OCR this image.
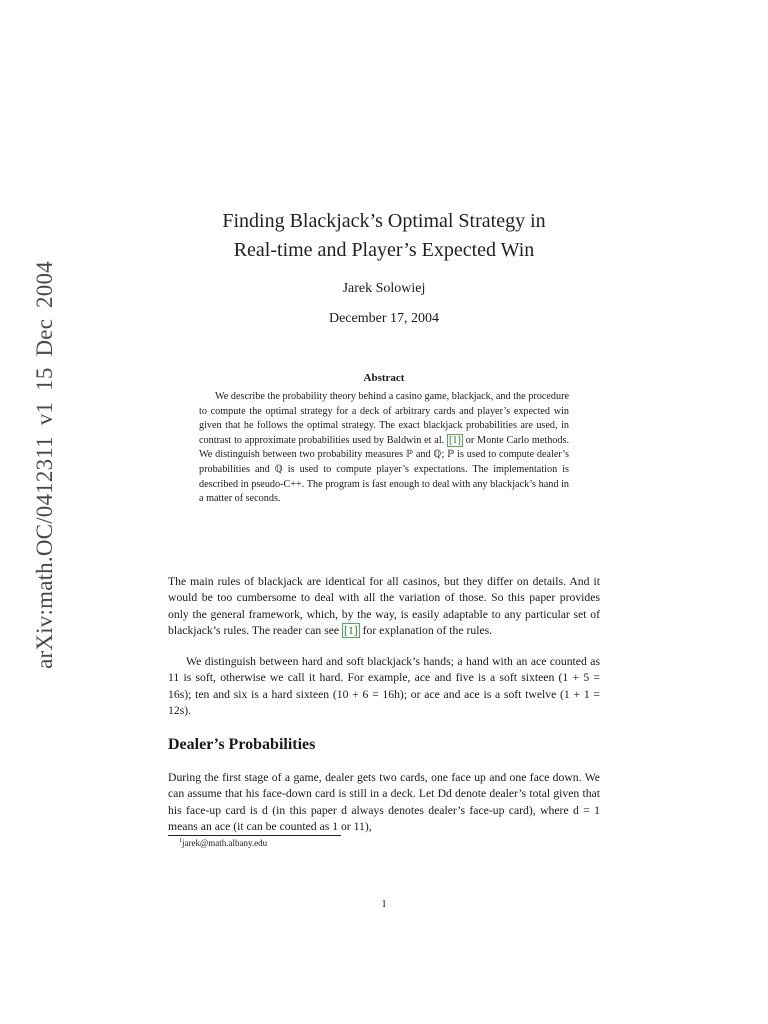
arXiv:math.OC/0412311 v1 15 Dec 2004
Finding Blackjack’s Optimal Strategy in
Real-time and Player’s Expected Win
Jarek Solowiej
December 17, 2004
Abstract

We describe the probability theory behind a casino game, blackjack, and the procedure to compute the optimal strategy for a deck of arbitrary cards and player’s expected win given that he follows the optimal strategy. The exact blackjack probabilities are used, in contrast to approximate probabilities used by Baldwin et al. [1] or Monte Carlo methods. We distinguish between two probability measures ℙ and ℚ; ℙ is used to compute dealer’s probabilities and ℚ is used to compute player’s expectations. The implementation is described in pseudo-C++. The program is fast enough to deal with any blackjack’s hand in a matter of seconds.

The main rules of blackjack are identical for all casinos, but they differ on details. And it would be too cumbersome to deal with all the variation of those. So this paper provides only the general framework, which, by the way, is easily adaptable to any particular set of blackjack’s rules. The reader can see [1] for explanation of the rules.

We distinguish between hard and soft blackjack’s hands; a hand with an ace counted as 11 is soft, otherwise we call it hard. For example, ace and five is a soft sixteen (1 + 5 = 16s); ten and six is a hard sixteen (10 + 6 = 16h); or ace and ace is a soft twelve (1 + 1 = 12s).

Dealer’s Probabilities

During the first stage of a game, dealer gets two cards, one face up and one face down. We can assume that his face-down card is still in a deck. Let Dd denote dealer’s total given that his face-up card is d (in this paper d always denotes dealer’s face-up card), where d = 1 means an ace (it can be counted as 1 or 11),

$^1$jarek@math.albany.edu
1
